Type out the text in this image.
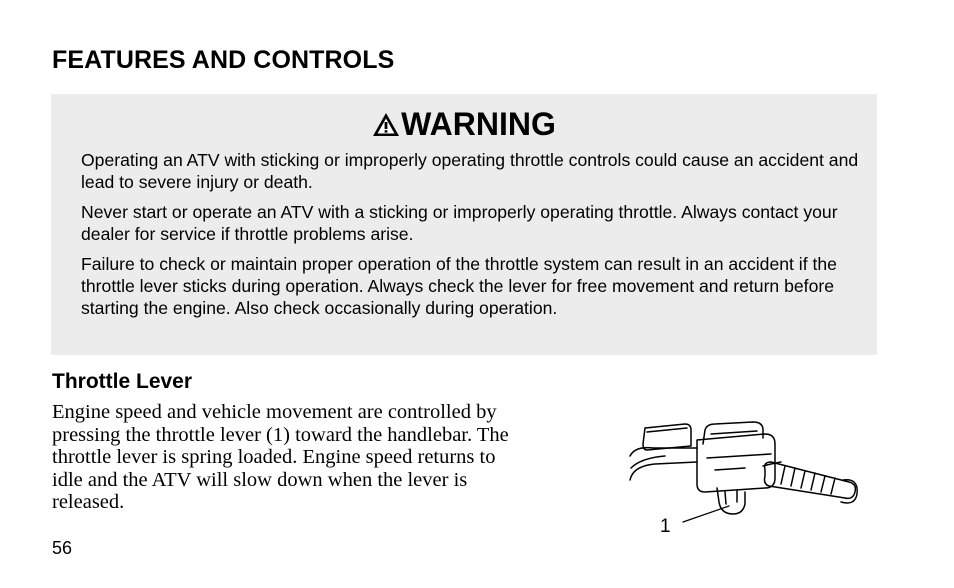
FEATURES AND CONTROLS
WARNING

Operating an ATV with sticking or improperly operating throttle controls could cause an accident and lead to severe injury or death.

Never start or operate an ATV with a sticking or improperly operating throttle. Always contact your dealer for service if throttle problems arise.

Failure to check or maintain proper operation of the throttle system can result in an accident if the throttle lever sticks during operation. Always check the lever for free movement and return before starting the engine. Also check occasionally during operation.

Throttle Lever

Engine speed and vehicle movement are controlled by pressing the throttle lever (1) toward the handlebar. The throttle lever is spring loaded. Engine speed returns to idle and the ATV will slow down when the lever is released.

1
56
